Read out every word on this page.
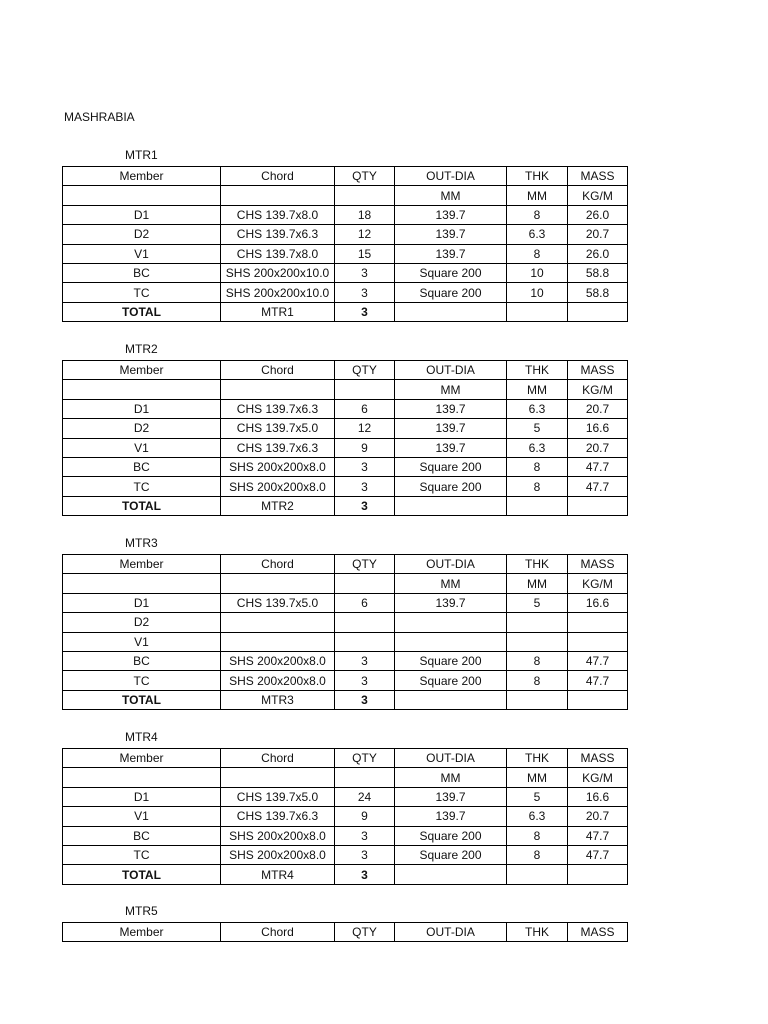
MASHRABIA
MTR1
Member	Chord	QTY	OUT-DIA	THK	MASS
			MM	MM	KG/M
D1	CHS 139.7x8.0	18	139.7	8	26.0
D2	CHS 139.7x6.3	12	139.7	6.3	20.7
V1	CHS 139.7x8.0	15	139.7	8	26.0
BC	SHS 200x200x10.0	3	Square 200	10	58.8
TC	SHS 200x200x10.0	3	Square 200	10	58.8
TOTAL	MTR1	3			
MTR2
Member	Chord	QTY	OUT-DIA	THK	MASS
			MM	MM	KG/M
D1	CHS 139.7x6.3	6	139.7	6.3	20.7
D2	CHS 139.7x5.0	12	139.7	5	16.6
V1	CHS 139.7x6.3	9	139.7	6.3	20.7
BC	SHS 200x200x8.0	3	Square 200	8	47.7
TC	SHS 200x200x8.0	3	Square 200	8	47.7
TOTAL	MTR2	3			
MTR3
Member	Chord	QTY	OUT-DIA	THK	MASS
			MM	MM	KG/M
D1	CHS 139.7x5.0	6	139.7	5	16.6
D2					
V1					
BC	SHS 200x200x8.0	3	Square 200	8	47.7
TC	SHS 200x200x8.0	3	Square 200	8	47.7
TOTAL	MTR3	3			
MTR4
Member	Chord	QTY	OUT-DIA	THK	MASS
			MM	MM	KG/M
D1	CHS 139.7x5.0	24	139.7	5	16.6
V1	CHS 139.7x6.3	9	139.7	6.3	20.7
BC	SHS 200x200x8.0	3	Square 200	8	47.7
TC	SHS 200x200x8.0	3	Square 200	8	47.7
TOTAL	MTR4	3			
MTR5
Member	Chord	QTY	OUT-DIA	THK	MASS
